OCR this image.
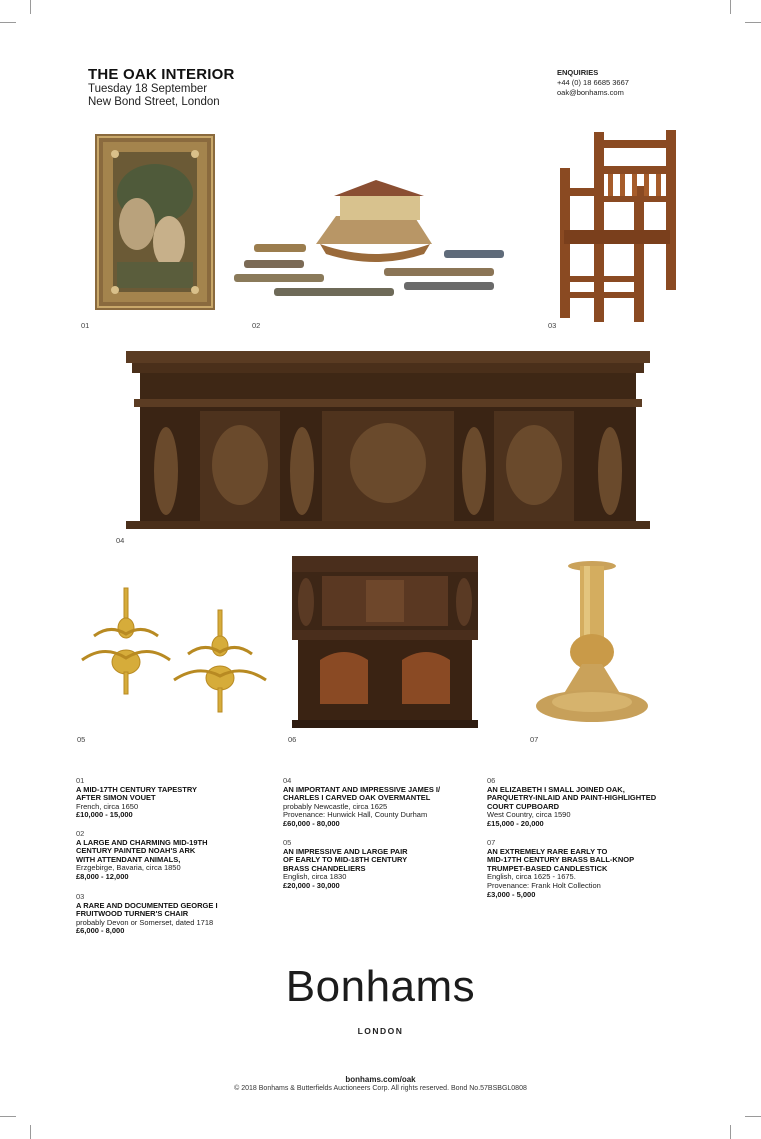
THE OAK INTERIOR
Tuesday 18 September
New Bond Street, London
ENQUIRIES
+44 (0) 18 6685 3667
oak@bonhams.com
01	02	03
04
05	06	07
01
A MID-17TH CENTURY TAPESTRY
AFTER SIMON VOUET
French, circa 1650
£10,000 - 15,000
02
A LARGE AND CHARMING MID-19TH
CENTURY PAINTED NOAH'S ARK
WITH ATTENDANT ANIMALS,
Erzgebirge, Bavaria, circa 1850
£8,000 - 12,000
03
A RARE AND DOCUMENTED GEORGE I
FRUITWOOD TURNER'S CHAIR
probably Devon or Somerset, dated 1718
£6,000 - 8,000
04
AN IMPORTANT AND IMPRESSIVE JAMES I/
CHARLES I CARVED OAK OVERMANTEL
probably Newcastle, circa 1625
Provenance: Hunwick Hall, County Durham
£60,000 - 80,000
05
AN IMPRESSIVE AND LARGE PAIR
OF EARLY TO MID-18TH CENTURY
BRASS CHANDELIERS
English, circa 1830
£20,000 - 30,000
06
AN ELIZABETH I SMALL JOINED OAK,
PARQUETRY-INLAID AND PAINT-HIGHLIGHTED
COURT CUPBOARD
West Country, circa 1590
£15,000 - 20,000
07
AN EXTREMELY RARE EARLY TO
MID-17TH CENTURY BRASS BALL-KNOP
TRUMPET-BASED CANDLESTICK
English, circa 1625 - 1675.
Provenance: Frank Holt Collection
£3,000 - 5,000
Bonhams
LONDON
bonhams.com/oak
© 2018 Bonhams & Butterfields Auctioneers Corp. All rights reserved. Bond No.57BSBGL0808
